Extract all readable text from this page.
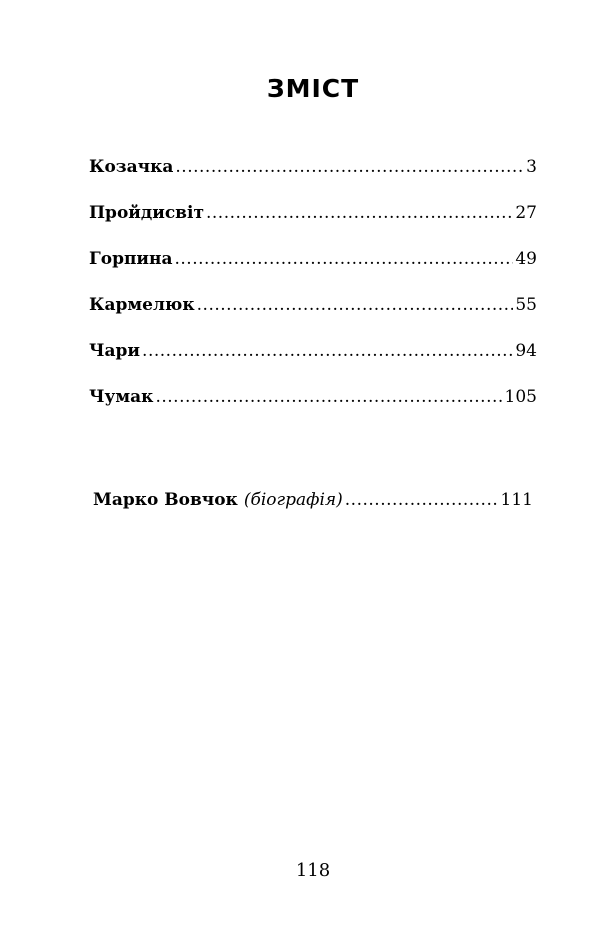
ЗМІСТ
Козачка .....	3
Пройдисвіт .....	27
Горпина .....	49
Кармелюк .....	55
Чари .....	94
Чумак .....	105
Марко Вовчок (біографія) .....	111
118
